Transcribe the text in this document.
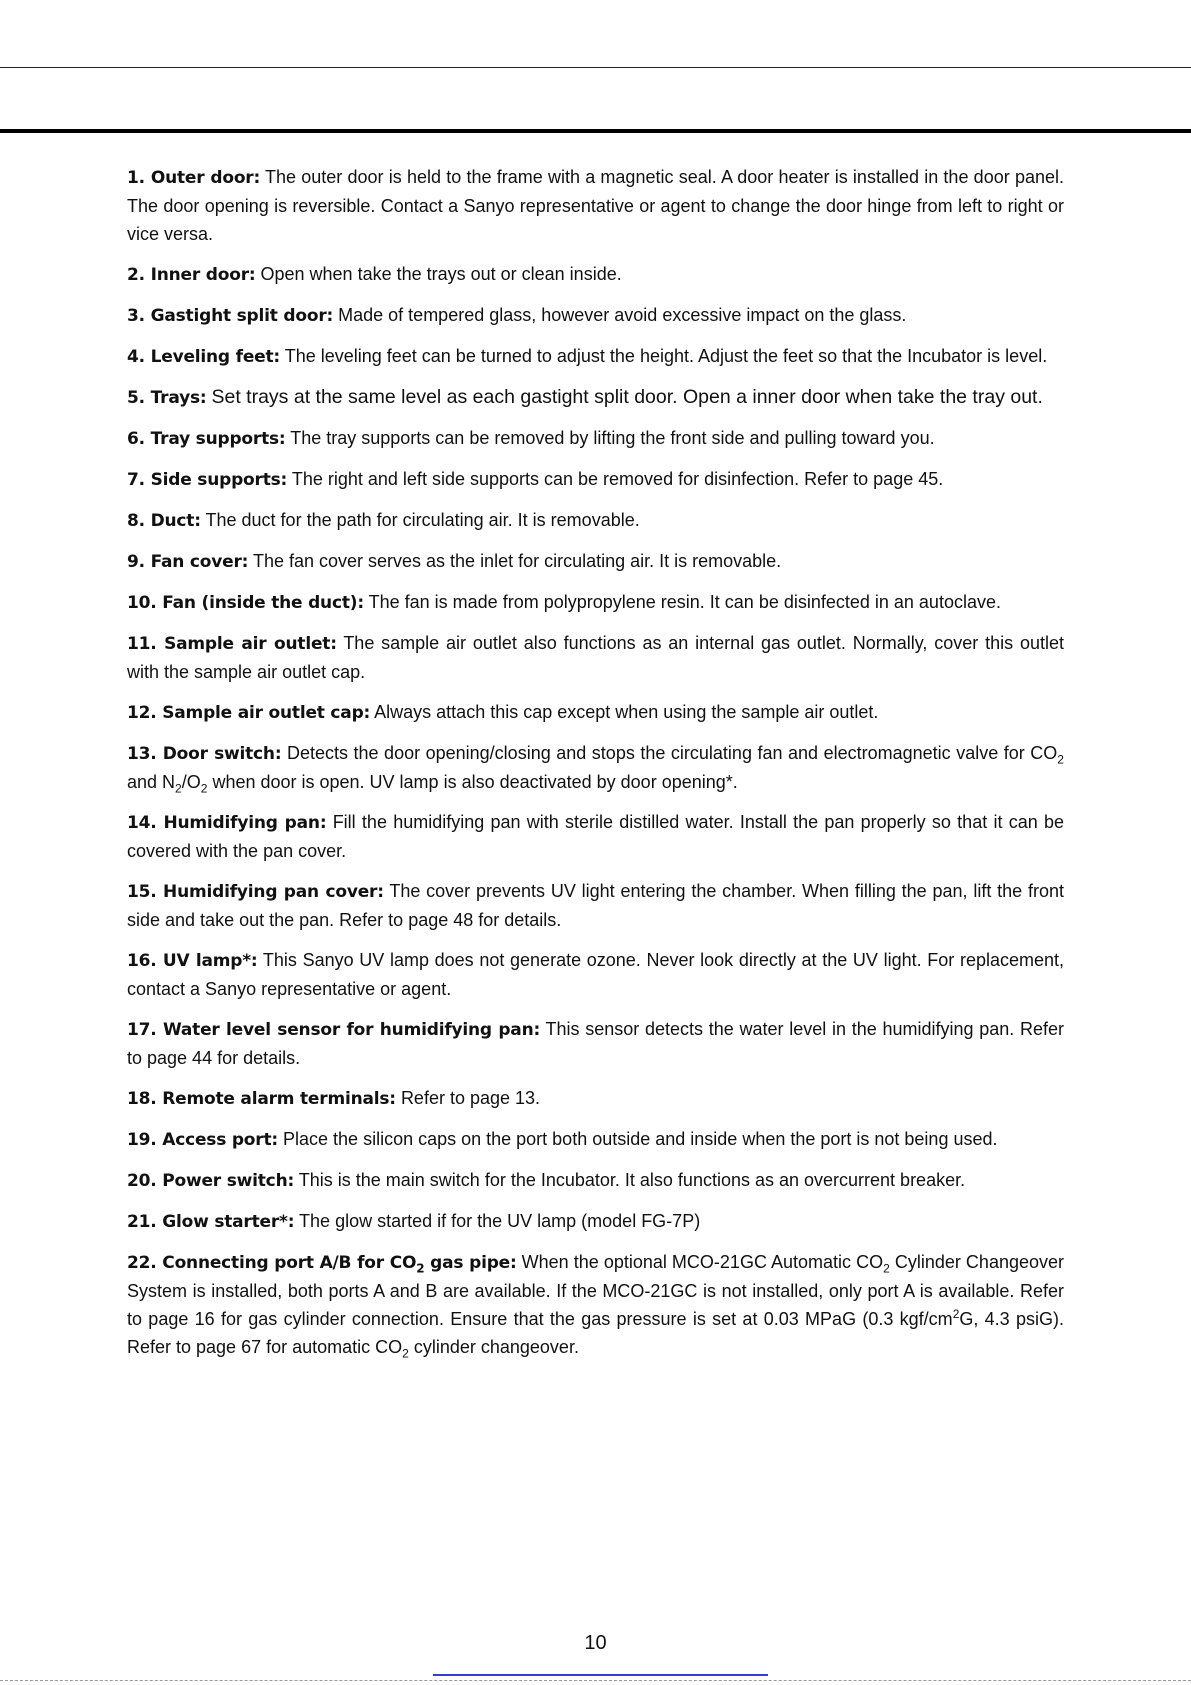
1. Outer door: The outer door is held to the frame with a magnetic seal. A door heater is installed in the door panel. The door opening is reversible. Contact a Sanyo representative or agent to change the door hinge from left to right or vice versa.

2. Inner door: Open when take the trays out or clean inside.

3. Gastight split door: Made of tempered glass, however avoid excessive impact on the glass.

4. Leveling feet: The leveling feet can be turned to adjust the height. Adjust the feet so that the Incubator is level.

5. Trays: Set trays at the same level as each gastight split door. Open a inner door when take the tray out.

6. Tray supports: The tray supports can be removed by lifting the front side and pulling toward you.

7. Side supports: The right and left side supports can be removed for disinfection. Refer to page 45.

8. Duct: The duct for the path for circulating air. It is removable.

9. Fan cover: The fan cover serves as the inlet for circulating air. It is removable.

10. Fan (inside the duct): The fan is made from polypropylene resin. It can be disinfected in an autoclave.

11. Sample air outlet: The sample air outlet also functions as an internal gas outlet. Normally, cover this outlet with the sample air outlet cap.

12. Sample air outlet cap: Always attach this cap except when using the sample air outlet.

13. Door switch: Detects the door opening/closing and stops the circulating fan and electromagnetic valve for $CO_2$ and $N_2/O_2$ when door is open. UV lamp is also deactivated by door opening*.

14. Humidifying pan: Fill the humidifying pan with sterile distilled water. Install the pan properly so that it can be covered with the pan cover.

15. Humidifying pan cover: The cover prevents UV light entering the chamber. When filling the pan, lift the front side and take out the pan. Refer to page 48 for details.

16. UV lamp*: This Sanyo UV lamp does not generate ozone. Never look directly at the UV light. For replacement, contact a Sanyo representative or agent.

17. Water level sensor for humidifying pan: This sensor detects the water level in the humidifying pan. Refer to page 44 for details.

18. Remote alarm terminals: Refer to page 13.

19. Access port: Place the silicon caps on the port both outside and inside when the port is not being used.

20. Power switch: This is the main switch for the Incubator. It also functions as an overcurrent breaker.

21. Glow starter*: The glow started if for the UV lamp (model FG-7P)

22. Connecting port A/B for $CO_2$ gas pipe: When the optional MCO-21GC Automatic $CO_2$ Cylinder Changeover System is installed, both ports A and B are available. If the MCO-21GC is not installed, only port A is available. Refer to page 16 for gas cylinder connection. Ensure that the gas pressure is set at 0.03 MPaG (0.3 kgf/$cm^2G$, 4.3 psiG). Refer to page 67 for automatic $CO_2$ cylinder changeover.

10
